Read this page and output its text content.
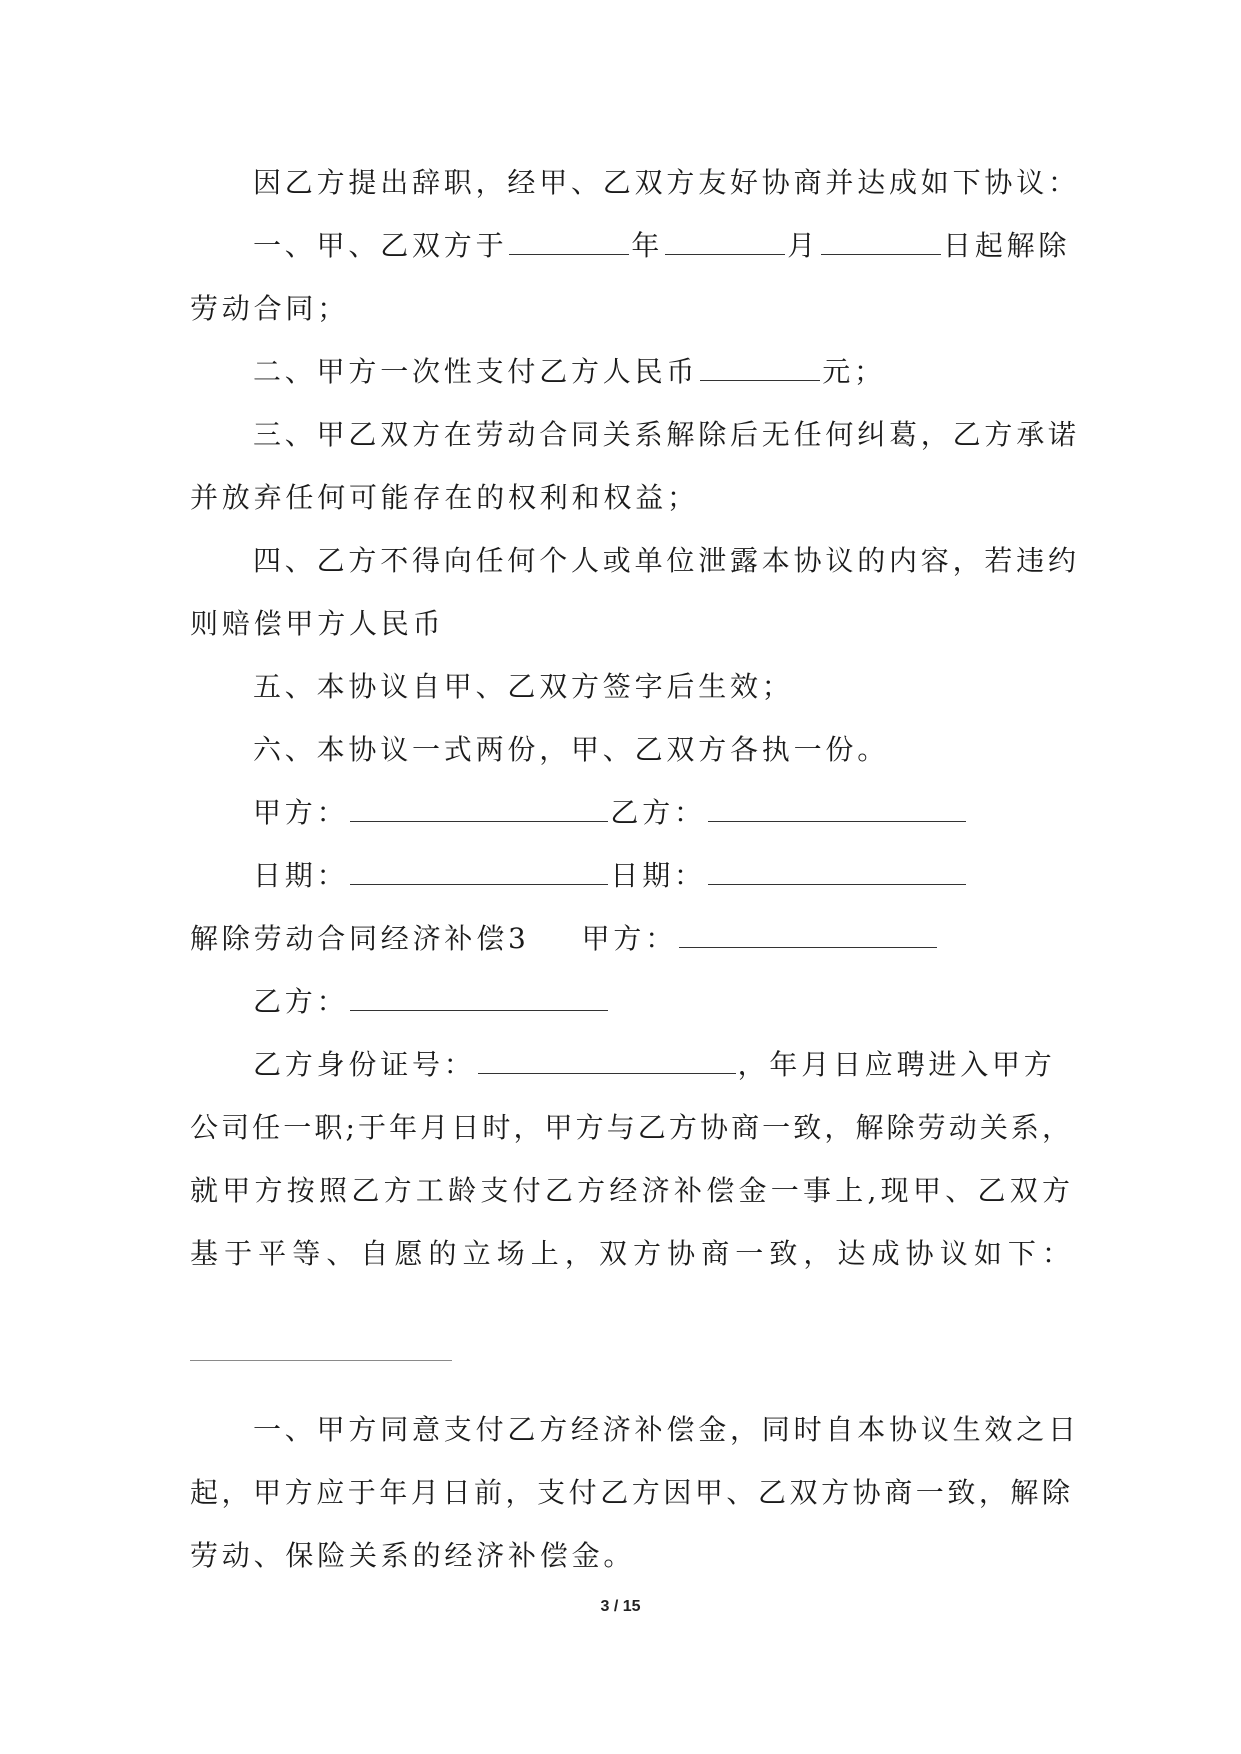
因乙方提出辞职，经甲、乙双方友好协商并达成如下协议：
一、甲、乙双方于	年	月	日起解除
劳动合同；
二、甲方一次性支付乙方人民币	元；
三、甲乙双方在劳动合同关系解除后无任何纠葛，乙方承诺
并放弃任何可能存在的权利和权益；
四、乙方不得向任何个人或单位泄露本协议的内容，若违约
则赔偿甲方人民币
五、本协议自甲、乙双方签字后生效；
六、本协议一式两份，甲、乙双方各执一份。
甲方：	乙方：
日期：	日期：
解除劳动合同经济补偿3 甲方：
乙方：
乙方身份证号：	，年月日应聘进入甲方
公司任一职;于年月日时，甲方与乙方协商一致，解除劳动关系，
就甲方按照乙方工龄支付乙方经济补偿金一事上,现甲、乙双方
基于平等、自愿的立场上，双方协商一致，达成协议如下：
一、甲方同意支付乙方经济补偿金，同时自本协议生效之日
起，甲方应于年月日前，支付乙方因甲、乙双方协商一致，解除
劳动、保险关系的经济补偿金。
3 / 15
